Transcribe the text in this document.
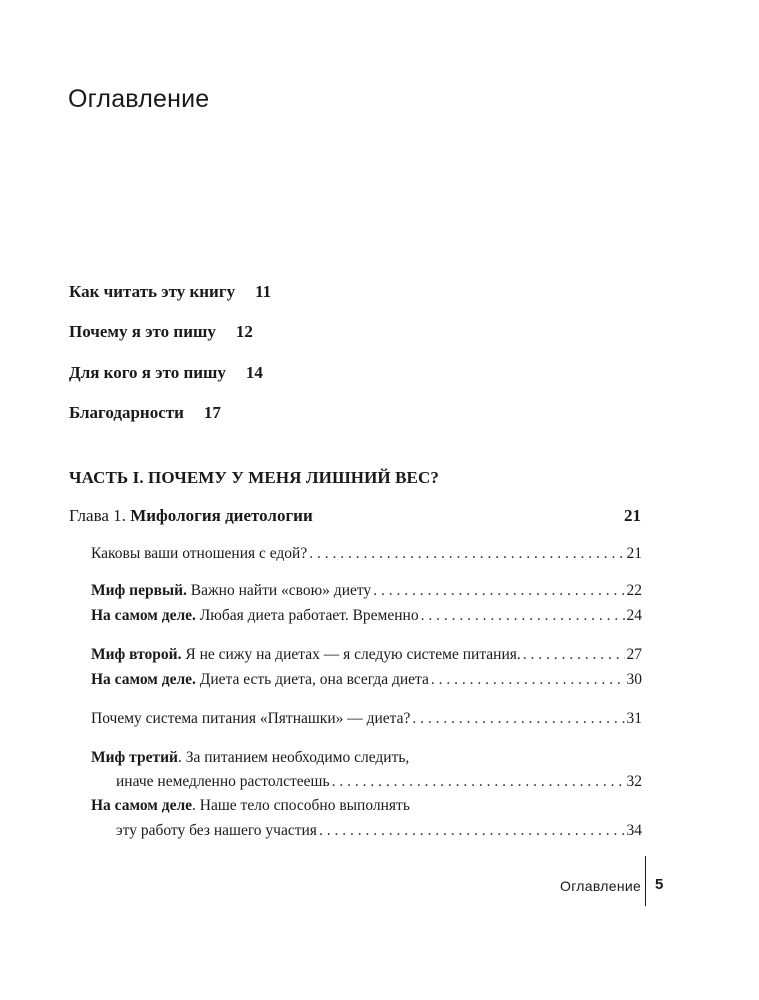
Оглавление
Как читать эту книгу 11
Почему я это пишу 12
Для кого я это пишу 14
Благодарности 17
ЧАСТЬ I. ПОЧЕМУ У МЕНЯ ЛИШНИЙ ВЕС?
Глава 1. Мифология диетологии	21
Каковы ваши отношения с едой? . . .	21
Миф первый. Важно найти «свою» диету . . .	22
На самом деле. Любая диета работает. Временно . . .	24
Миф второй. Я не сижу на диетах — я следую системе питания. . . .	27
На самом деле. Диета есть диета, она всегда диета . . .	30
Почему система питания «Пятнашки» — диета? . . .	31
Миф третий. За питанием необходимо следить,
иначе немедленно растолстеешь . . .	32
На самом деле. Наше тело способно выполнять
эту работу без нашего участия . . .	34
Оглавление 5
